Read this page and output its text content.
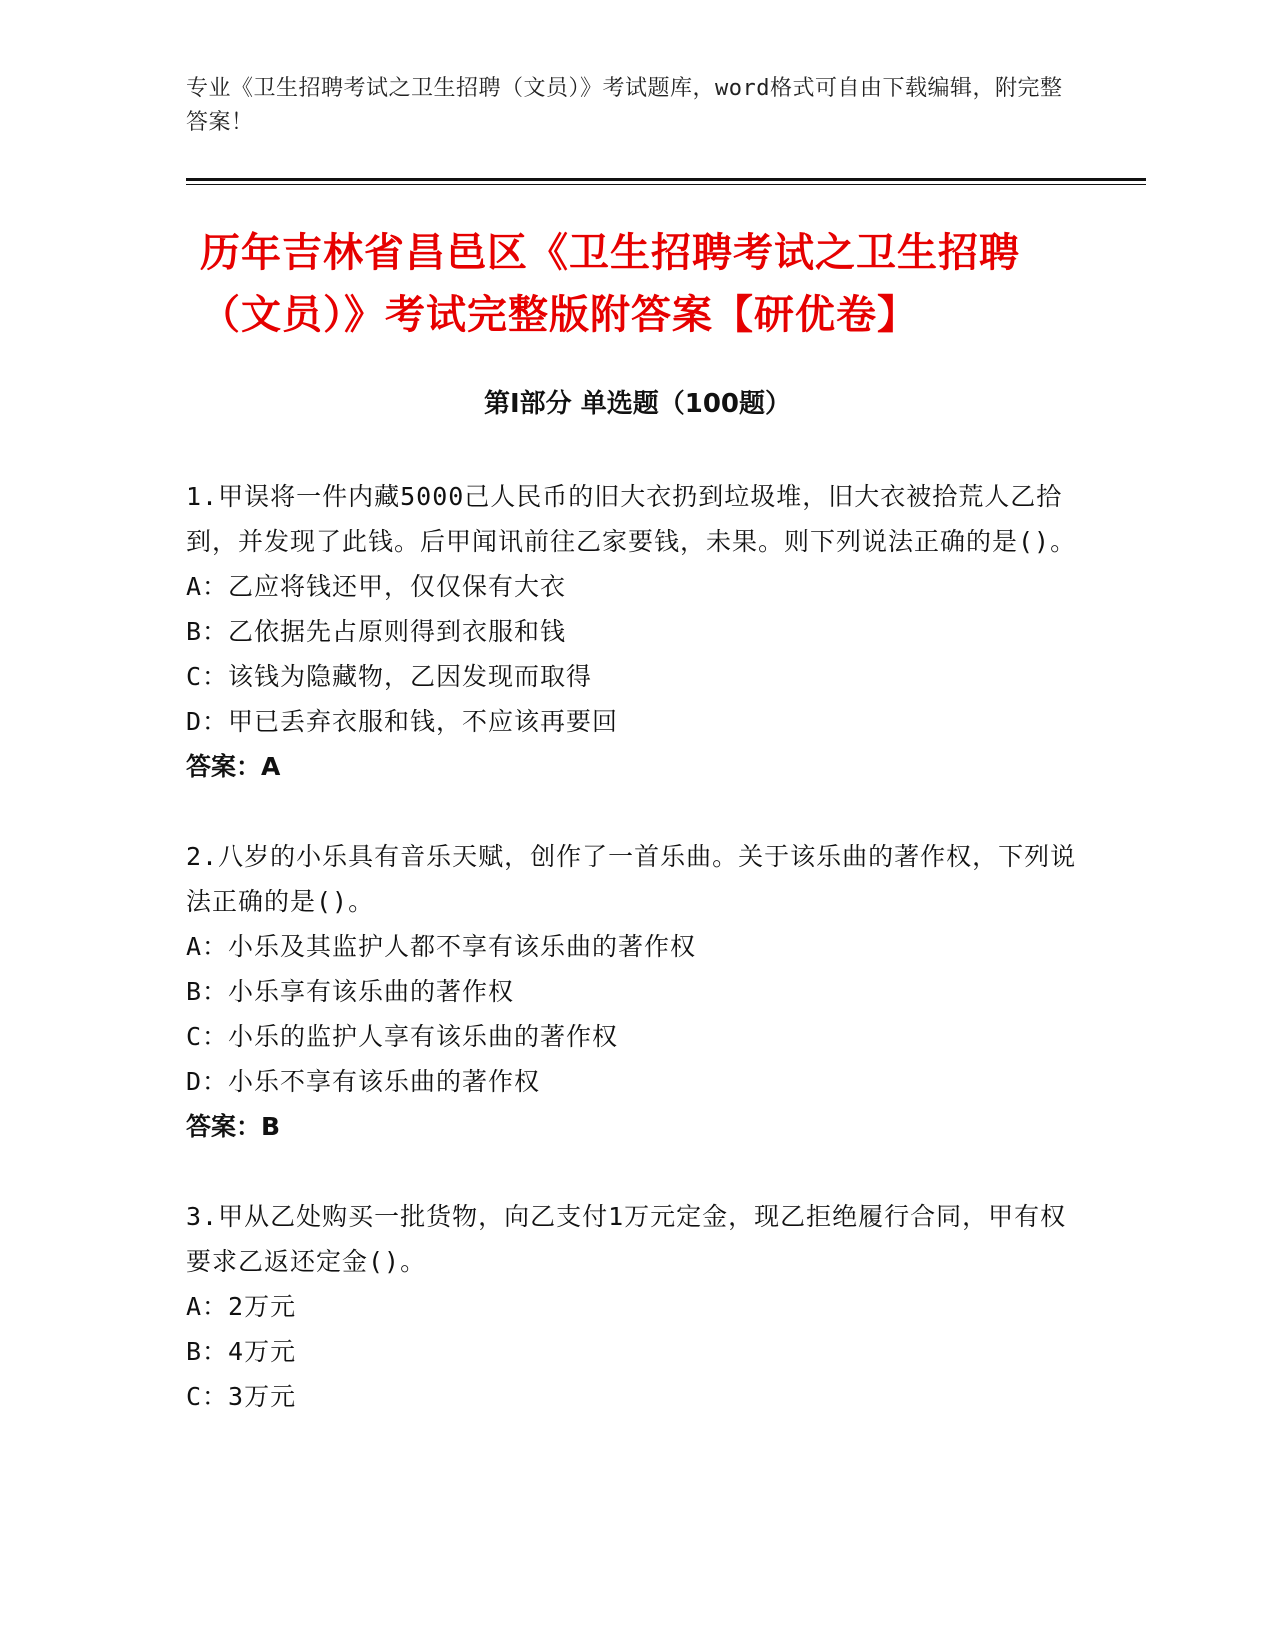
专业《卫生招聘考试之卫生招聘（文员）》考试题库，word格式可自由下载编辑，附完整答案！
历年吉林省昌邑区《卫生招聘考试之卫生招聘（文员）》考试完整版附答案【研优卷】
第Ⅰ部分 单选题（100题）
1.甲误将一件内藏5000己人民币的旧大衣扔到垃圾堆，旧大衣被拾荒人乙拾到，并发现了此钱。后甲闻讯前往乙家要钱，未果。则下列说法正确的是()。
A：乙应将钱还甲，仅仅保有大衣
B：乙依据先占原则得到衣服和钱
C：该钱为隐藏物，乙因发现而取得
D：甲已丢弃衣服和钱，不应该再要回
答案：A
2.八岁的小乐具有音乐天赋，创作了一首乐曲。关于该乐曲的著作权，下列说法正确的是()。
A：小乐及其监护人都不享有该乐曲的著作权
B：小乐享有该乐曲的著作权
C：小乐的监护人享有该乐曲的著作权
D：小乐不享有该乐曲的著作权
答案：B
3.甲从乙处购买一批货物，向乙支付1万元定金，现乙拒绝履行合同，甲有权要求乙返还定金()。
A：2万元
B：4万元
C：3万元
